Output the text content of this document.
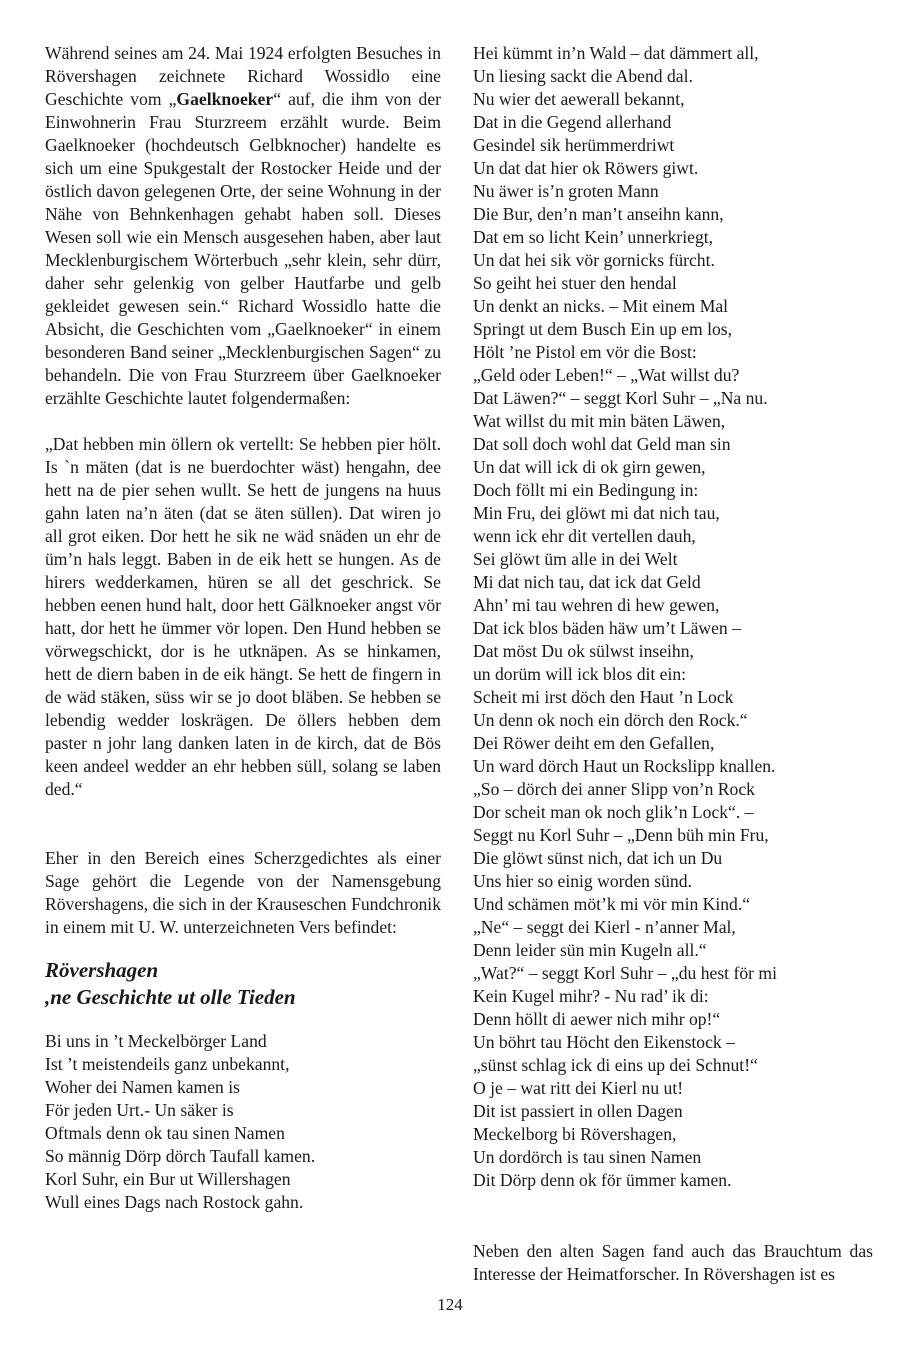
Während seines am 24. Mai 1924 erfolgten Besuches in Rövershagen zeichnete Richard Wossidlo eine Geschichte vom „Gaelknoeker“ auf, die ihm von der Einwohnerin Frau Sturzreem erzählt wurde. Beim Gaelknoeker (hochdeutsch Gelbknocher) handelte es sich um eine Spukgestalt der Rostocker Heide und der östlich davon gelegenen Orte, der seine Wohnung in der Nähe von Behnkenhagen gehabt haben soll. Dieses Wesen soll wie ein Mensch ausgesehen haben, aber laut Mecklenburgischem Wörterbuch „sehr klein, sehr dürr, daher sehr gelenkig von gelber Hautfarbe und gelb gekleidet gewesen sein.“ Richard Wossidlo hatte die Absicht, die Geschichten vom „Gaelknoeker“ in einem besonderen Band seiner „Mecklenburgischen Sagen“ zu behandeln. Die von Frau Sturzreem über Gaelknoeker erzählte Geschichte lautet folgendermaßen:

„Dat hebben min öllern ok vertellt: Se hebben pier hölt. Is `n mäten (dat is ne buerdochter wäst) hengahn, dee hett na de pier sehen wullt. Se hett de jungens na huus gahn laten na’n äten (dat se äten süllen). Dat wiren jo all grot eiken. Dor hett he sik ne wäd snäden un ehr de üm’n hals leggt. Baben in de eik hett se hungen. As de hirers wedderkamen, hüren se all det geschrick. Se hebben eenen hund halt, door hett Gälknoeker angst vör hatt, dor hett he ümmer vör lopen. Den Hund hebben se vörwegschickt, dor is he utknäpen. As se hinkamen, hett de diern baben in de eik hängt. Se hett de fingern in de wäd stäken, süss wir se jo doot bläben. Se hebben se lebendig wedder loskrägen. De öllers hebben dem paster n johr lang danken laten in de kirch, dat de Bös keen andeel wedder an ehr hebben süll, solang se laben ded.“

Eher in den Bereich eines Scherzgedichtes als einer Sage gehört die Legende von der Namensgebung Rövershagens, die sich in der Krauseschen Fundchronik in einem mit U. W. unterzeichneten Vers befindet:

Rövershagen
,ne Geschichte ut olle Tieden
Bi uns in ’t Meckelbörger Land
Ist ’t meistendeils ganz unbekannt,
Woher dei Namen kamen is
För jeden Urt.- Un säker is
Oftmals denn ok tau sinen Namen
So männig Dörp dörch Taufall kamen.
Korl Suhr, ein Bur ut Willershagen
Wull eines Dags nach Rostock gahn.
Hei kümmt in’n Wald – dat dämmert all,
Un liesing sackt die Abend dal.
Nu wier det aewerall bekannt,
Dat in die Gegend allerhand
Gesindel sik herümmerdriwt
Un dat dat hier ok Röwers giwt.
Nu äwer is’n groten Mann
Die Bur, den’n man’t anseihn kann,
Dat em so licht Kein’ unnerkriegt,
Un dat hei sik vör gornicks fürcht.
So geiht hei stuer den hendal
Un denkt an nicks. – Mit einem Mal
Springt ut dem Busch Ein up em los,
Hölt ’ne Pistol em vör die Bost:
„Geld oder Leben!“ – „Wat willst du?
Dat Läwen?“ – seggt Korl Suhr – „Na nu.
Wat willst du mit min bäten Läwen,
Dat soll doch wohl dat Geld man sin
Un dat will ick di ok girn gewen,
Doch föllt mi ein Bedingung in:
Min Fru, dei glöwt mi dat nich tau,
wenn ick ehr dit vertellen dauh,
Sei glöwt üm alle in dei Welt
Mi dat nich tau, dat ick dat Geld
Ahn’ mi tau wehren di hew gewen,
Dat ick blos bäden häw um’t Läwen –
Dat möst Du ok sülwst inseihn,
un dorüm will ick blos dit ein:
Scheit mi irst döch den Haut ’n Lock
Un denn ok noch ein dörch den Rock.“
Dei Röwer deiht em den Gefallen,
Un ward dörch Haut un Rockslipp knallen.
„So – dörch dei anner Slipp von’n Rock
Dor scheit man ok noch glik’n Lock“. –
Seggt nu Korl Suhr – „Denn büh min Fru,
Die glöwt sünst nich, dat ich un Du
Uns hier so einig worden sünd.
Und schämen möt’k mi vör min Kind.“
„Ne“ – seggt dei Kierl - n’anner Mal,
Denn leider sün min Kugeln all.“
„Wat?“ – seggt Korl Suhr – „du hest för mi
Kein Kugel mihr? - Nu rad’ ik di:
Denn höllt di aewer nich mihr op!“
Un böhrt tau Höcht den Eikenstock –
„sünst schlag ick di eins up dei Schnut!“
O je – wat ritt dei Kierl nu ut!
Dit ist passiert in ollen Dagen
Meckelborg bi Rövershagen,
Un dordörch is tau sinen Namen
Dit Dörp denn ok för ümmer kamen.

Neben den alten Sagen fand auch das Brauchtum das Interesse der Heimatforscher. In Rövershagen ist es

124
